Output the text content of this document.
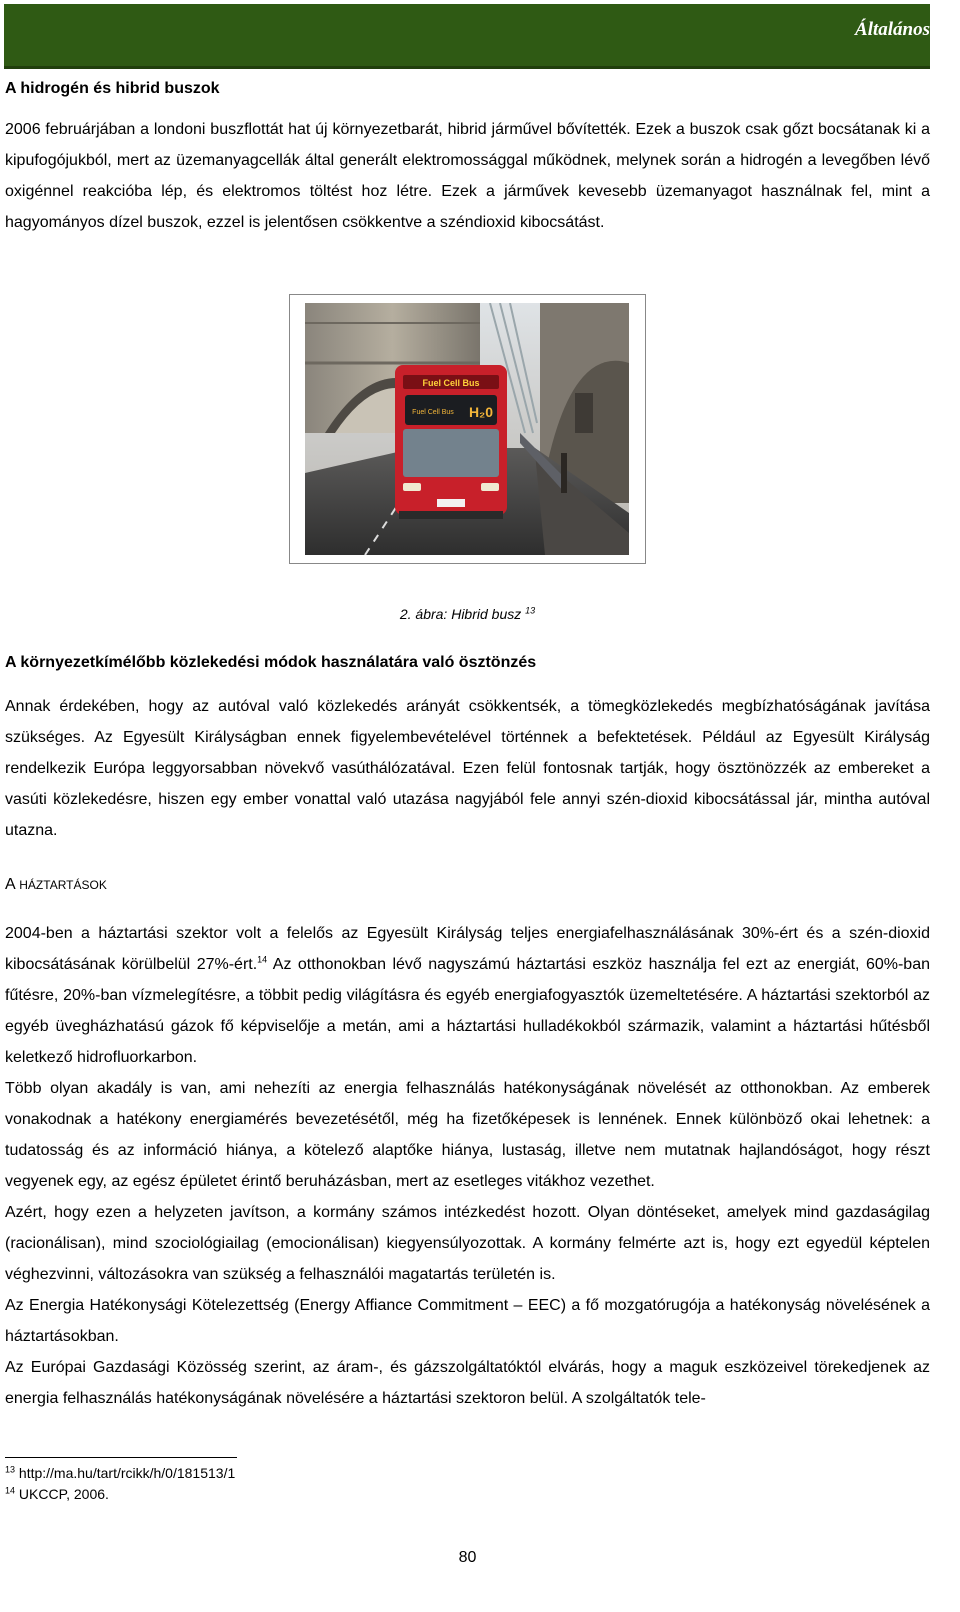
Általános
A hidrogén és hibrid buszok

2006 februárjában a londoni buszflottát hat új környezetbarát, hibrid járművel bővítették. Ezek a buszok csak gőzt bocsátanak ki a kipufogójukból, mert az üzemanyagcellák által generált elektromossággal működnek, melynek során a hidrogén a levegőben lévő oxigénnel reakcióba lép, és elektromos töltést hoz létre. Ezek a járművek kevesebb üzemanyagot használnak fel, mint a hagyományos dízel buszok, ezzel is jelentősen csökkentve a széndioxid kibocsátást.

Fuel Cell Bus
Fuel Cell Bus H₂0
2. ábra: Hibrid busz $^{13}$
A környezetkímélőbb közlekedési módok használatára való ösztönzés

Annak érdekében, hogy az autóval való közlekedés arányát csökkentsék, a tömegközlekedés megbízhatóságának javítása szükséges. Az Egyesült Királyságban ennek figyelembevételével történnek a befektetések. Például az Egyesült Királyság rendelkezik Európa leggyorsabban növekvő vasúthálózatával. Ezen felül fontosnak tartják, hogy ösztönözzék az embereket a vasúti közlekedésre, hiszen egy ember vonattal való utazása nagyjából fele annyi szén-dioxid kibocsátással jár, mintha autóval utazna.

A HÁZTARTÁSOK

2004-ben a háztartási szektor volt a felelős az Egyesült Királyság teljes energiafelhasználásának 30%-ért és a szén-dioxid kibocsátásának körülbelül 27%-ért.$^{14}$ Az otthonokban lévő nagyszámú háztartási eszköz használja fel ezt az energiát, 60%-ban fűtésre, 20%-ban vízmelegítésre, a többit pedig világításra és egyéb energiafogyasztók üzemeltetésére. A háztartási szektorból az egyéb üvegházhatású gázok fő képviselője a metán, ami a háztartási hulladékokból származik, valamint a háztartási hűtésből keletkező hidrofluorkarbon.

Több olyan akadály is van, ami nehezíti az energia felhasználás hatékonyságának növelését az otthonokban. Az emberek vonakodnak a hatékony energiamérés bevezetésétől, még ha fizetőképesek is lennének. Ennek különböző okai lehetnek: a tudatosság és az információ hiánya, a kötelező alaptőke hiánya, lustaság, illetve nem mutatnak hajlandóságot, hogy részt vegyenek egy, az egész épületet érintő beruházásban, mert az esetleges vitákhoz vezethet.

Azért, hogy ezen a helyzeten javítson, a kormány számos intézkedést hozott. Olyan döntéseket, amelyek mind gazdaságilag (racionálisan), mind szociológiailag (emocionálisan) kiegyensúlyozottak. A kormány felmérte azt is, hogy ezt egyedül képtelen véghezvinni, változásokra van szükség a felhasználói magatartás területén is.

Az Energia Hatékonysági Kötelezettség (Energy Affiance Commitment – EEC) a fő mozgatórugója a hatékonyság növelésének a háztartásokban.

Az Európai Gazdasági Közösség szerint, az áram-, és gázszolgáltatóktól elvárás, hogy a maguk eszközeivel törekedjenek az energia felhasználás hatékonyságának növelésére a háztartási szektoron belül. A szolgáltatók tele-

$^{13}$ http://ma.hu/tart/rcikk/h/0/181513/1
$^{14}$ UKCCP, 2006.
80
